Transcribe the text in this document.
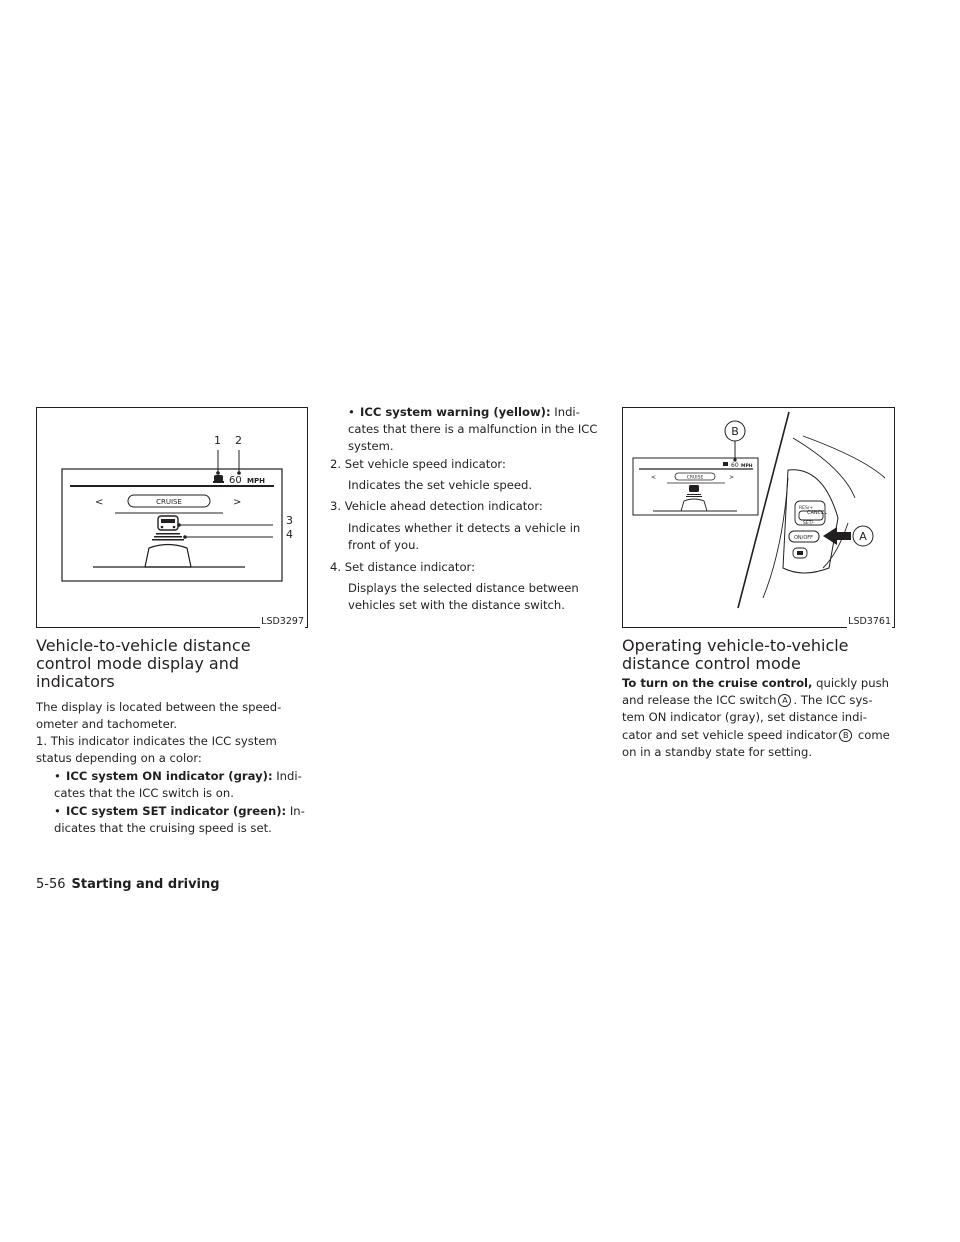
60 MPH
1 2
<	CRUISE	>
3
4
LSD3297
60 MPH
<	CRUISE	>
B
CANCEL
RES/+
SET/-
ON/OFF	A
LSD3761
Vehicle-to-vehicle distance control mode display and indicators

The display is located between the speed-ometer and tachometer.

1. This indicator indicates the ICC system status depending on a color:

• ICC system ON indicator (gray): Indi-cates that the ICC switch is on.

• ICC system SET indicator (green): In-dicates that the cruising speed is set.

• ICC system warning (yellow): Indi-cates that there is a malfunction in the ICC system.

2. Set vehicle speed indicator:

Indicates the set vehicle speed.

3. Vehicle ahead detection indicator:

Indicates whether it detects a vehicle in front of you.

4. Set distance indicator:

Displays the selected distance between vehicles set with the distance switch.

Operating vehicle-to-vehicle distance control mode

To turn on the cruise control, quickly push and release the ICC switch A . The ICC sys-tem ON indicator (gray), set distance indi-cator and set vehicle speed indicator B come on in a standby state for setting.

5-56 Starting and driving
